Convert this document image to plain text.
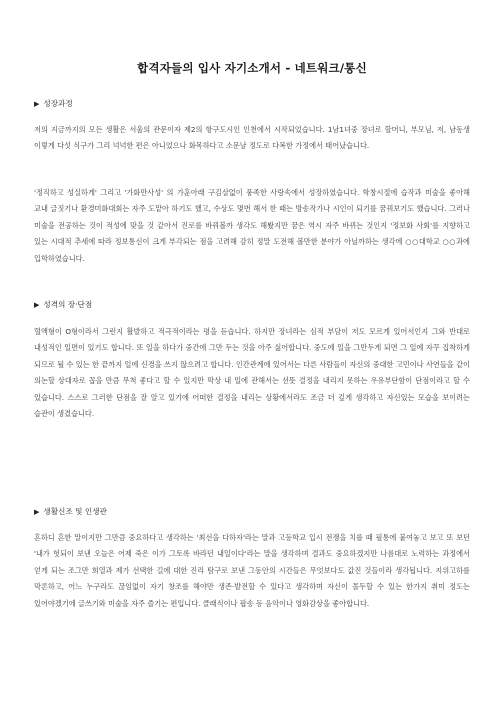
합격자들의 입사 자기소개서 - 네트워크/통신
▶ 성장과정

저의 지금까지의 모든 생활은 서울의 관문이자 제2의 항구도시인 인천에서 시작되었습니다. 1남1녀중 장녀로 할머니, 부모님, 저, 남동생 이렇게 다섯 식구가 그리 넉넉한 편은 아니었으나 화목하다고 소문날 정도로 다복한 가정에서 태어났습니다.

'정직하고 성실하게' 그리고 '가화만사성' 의 가훈아래 구김살없이 풍족한 사랑속에서 성장하였습니다. 학창시절에 습작과 미술을 좋아해 교내 글짓기나 환경미화대회는 자주 도맡아 하기도 했고, 수상도 몇번 해서 한 때는 방송작가나 시인이 되기를 꿈꿔보기도 했습니다. 그러나 미술을 전공하는 것이 적성에 맞을 것 같아서 진로를 바꿔볼까 생각도 해봤지만 꿈은 역시 자주 바뀌는 것인지 '정보화 사회'를 지향하고 있는 시대적 추세에 따라 정보통신이 크게 부각되는 점을 고려해 감히 정말 도전해 볼만한 분야가 아닐까하는 생각에 ○○대학교 ○○과에 입학하였습니다.

▶ 성격의 장·단점

혈액형이 O형이라서 그런지 활발하고 적극적이라는 평을 듣습니다. 하지만 장녀라는 심적 부담이 저도 모르게 있어서인지 그와 반대로 내성적인 일면이 있기도 합니다. 또 일을 하다가 중간에 그만 두는 것을 아주 싫어합니다. 중도에 일을 그만두게 되면 그 일에 자꾸 집착하게 되므로 될 수 있는 한 끝까지 일에 신경을 쓰지 않으려고 합니다. 인간관계에 있어서는 다른 사람들이 자신의 중대한 고민이나 사연들을 같이 의논할 상대자로 꼽을 만큼 무척 좋다고 할 수 있지만 막상 내 일에 관해서는 선뜻 결정을 내리지 못하는 우유부단함이 단점이라고 할 수 있습니다. 스스로 그러한 단점을 잘 알고 있기에 어떠한 결정을 내리는 상황에서라도 조금 더 깊게 생각하고 자신있는 모습을 보이려는 습관이 생겼습니다.

▶ 생활신조 및 인생관

흔하디 흔한 말이지만 그만큼 중요하다고 생각하는 '최선을 다하자'라는 말과 고등학교 입시 전쟁을 치를 때 필통에 붙여놓고 보고 또 보던 '내가 헛되이 보낸 오늘은 어제 죽은 이가 그토록 바라던 내일이다'라는 말을 생각하며 결과도 중요하겠지만 나름대로 노력하는 과정에서 얻게 되는 조그만 희열과 제가 선택한 길에 대한 진리 탐구로 보낸 그동안의 시간들은 무엇보다도 값진 것들이라 생각됩니다. 지위고하를 막론하고, 어느 누구라도 끊임없이 자기 창조를 해야만 생존·발전할 수 있다고 생각하며 자신이 몰두할 수 있는 한가지 취미 정도는 있어야겠기에 글쓰기와 미술을 자주 즐기는 편입니다. 클래식이나 팝송 등 음악이나 영화감상을 좋아합니다.
